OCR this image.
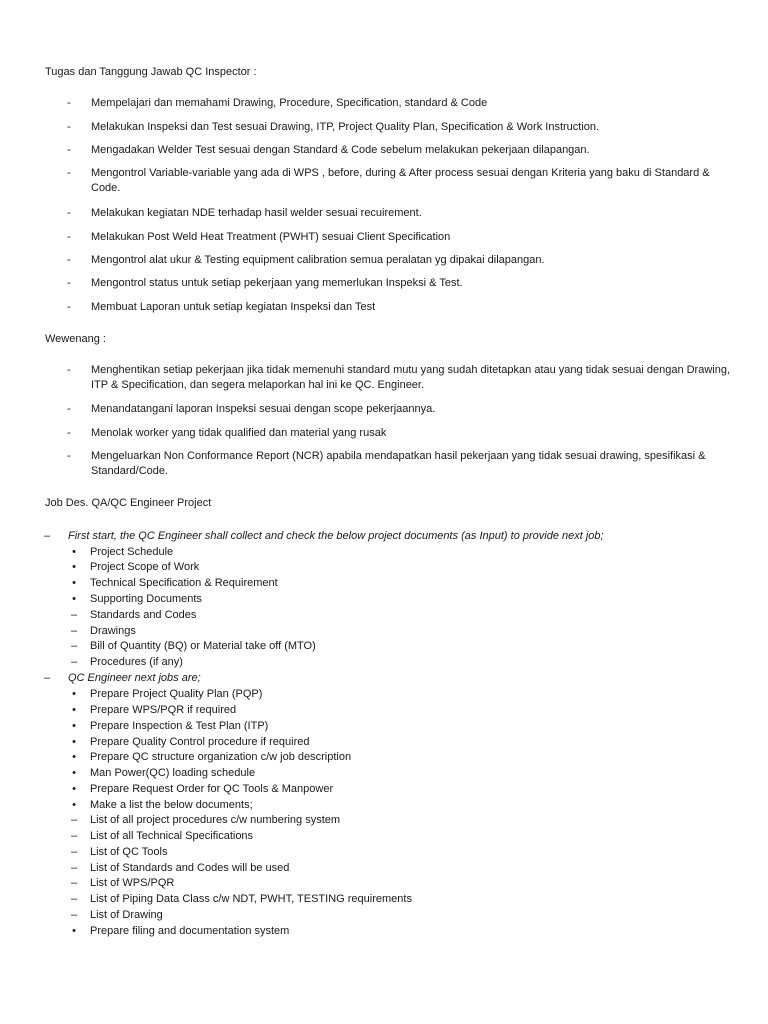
Tugas dan Tanggung Jawab QC Inspector :
- Mempelajari dan memahami Drawing, Procedure, Specification, standard & Code
- Melakukan Inspeksi dan Test sesuai Drawing, ITP, Project Quality Plan, Specification & Work Instruction.
- Mengadakan Welder Test sesuai dengan Standard & Code sebelum melakukan pekerjaan dilapangan.
- Mengontrol Variable-variable yang ada di WPS , before, during & After process sesuai dengan Kriteria yang baku di Standard & Code.
- Melakukan kegiatan NDE terhadap hasil welder sesuai recuirement.
- Melakukan Post Weld Heat Treatment (PWHT) sesuai Client Specification
- Mengontrol alat ukur & Testing equipment calibration semua peralatan yg dipakai dilapangan.
- Mengontrol status untuk setiap pekerjaan yang memerlukan Inspeksi & Test.
- Membuat Laporan untuk setiap kegiatan Inspeksi dan Test
Wewenang :
- Menghentikan setiap pekerjaan jika tidak memenuhi standard mutu yang sudah ditetapkan atau yang tidak sesuai dengan Drawing, ITP & Specification, dan segera melaporkan hal ini ke QC. Engineer.
- Menandatangani laporan Inspeksi sesuai dengan scope pekerjaannya.
- Menolak worker yang tidak qualified dan material yang rusak
- Mengeluarkan Non Conformance Report (NCR) apabila mendapatkan hasil pekerjaan yang tidak sesuai drawing, spesifikasi & Standard/Code.
Job Des. QA/QC Engineer Project
– First start, the QC Engineer shall collect and check the below project documents (as Input) to provide next job;
•	Project Schedule
•	Project Scope of Work
•	Technical Specification & Requirement
•	Supporting Documents
–	Standards and Codes
–	Drawings
–	Bill of Quantity (BQ) or Material take off (MTO)
–	Procedures (if any)
– QC Engineer next jobs are;
•	Prepare Project Quality Plan (PQP)
•	Prepare WPS/PQR if required
•	Prepare Inspection & Test Plan (ITP)
•	Prepare Quality Control procedure if required
•	Prepare QC structure organization c/w job description
•	Man Power(QC) loading schedule
•	Prepare Request Order for QC Tools & Manpower
•	Make a list the below documents;
–	List of all project procedures c/w numbering system
–	List of all Technical Specifications
–	List of QC Tools
–	List of Standards and Codes will be used
–	List of WPS/PQR
–	List of Piping Data Class c/w NDT, PWHT, TESTING requirements
–	List of Drawing
•	Prepare filing and documentation system
